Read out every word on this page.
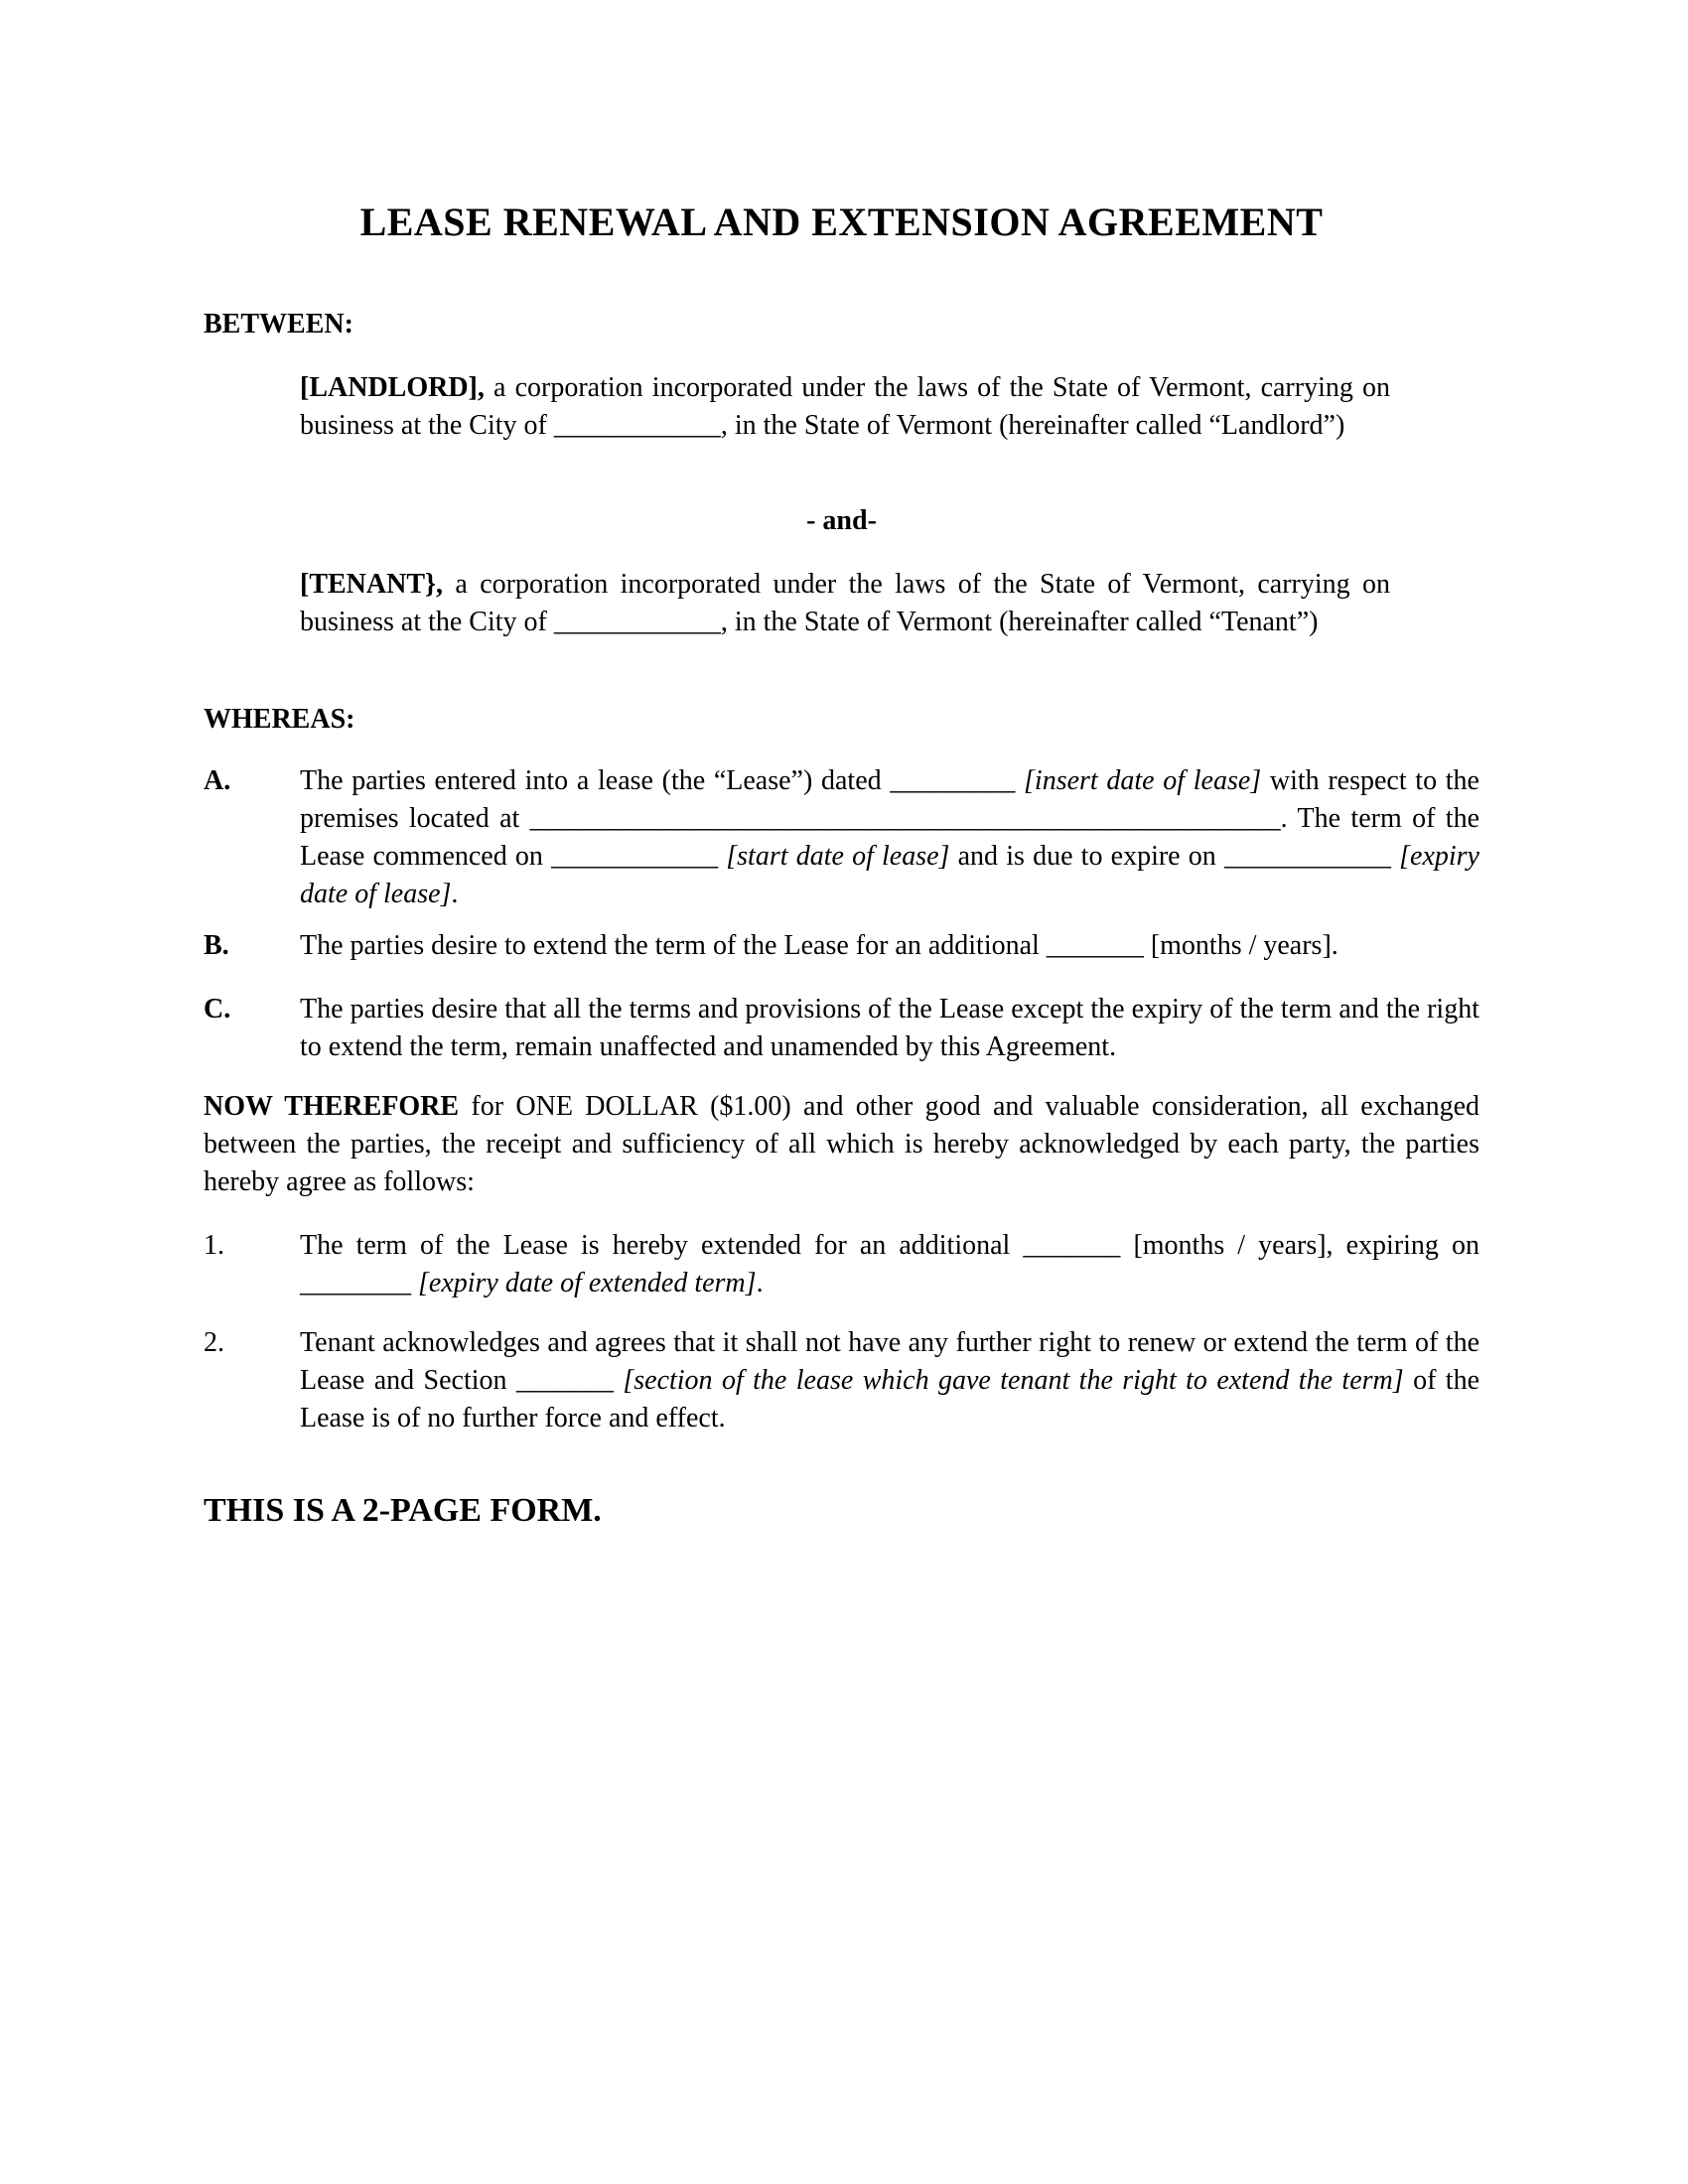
LEASE RENEWAL AND EXTENSION AGREEMENT
BETWEEN:

[LANDLORD], a corporation incorporated under the laws of the State of Vermont, carrying on business at the City of ____________, in the State of Vermont (hereinafter called “Landlord”)

- and-

[TENANT}, a corporation incorporated under the laws of the State of Vermont, carrying on business at the City of ____________, in the State of Vermont (hereinafter called “Tenant”)

WHEREAS:
A. The parties entered into a lease (the “Lease”) dated _________ [insert date of lease] with respect to the premises located at ______________________________________________________. The term of the Lease commenced on ____________ [start date of lease] and is due to expire on ____________ [expiry date of lease].

B.	The parties desire to extend the term of the Lease for an additional _______ [months / years].

C. The parties desire that all the terms and provisions of the Lease except the expiry of the term and the right to extend the term, remain unaffected and unamended by this Agreement.

NOW THEREFORE for ONE DOLLAR ($1.00) and other good and valuable consideration, all exchanged between the parties, the receipt and sufficiency of all which is hereby acknowledged by each party, the parties hereby agree as follows:

1.	The term of the Lease is hereby extended for an additional _______ [months / years], expiring on ________ [expiry date of extended term].

2.	Tenant acknowledges and agrees that it shall not have any further right to renew or extend the term of the Lease and Section _______ [section of the lease which gave tenant the right to extend the term] of the Lease is of no further force and effect.

THIS IS A 2-PAGE FORM.
